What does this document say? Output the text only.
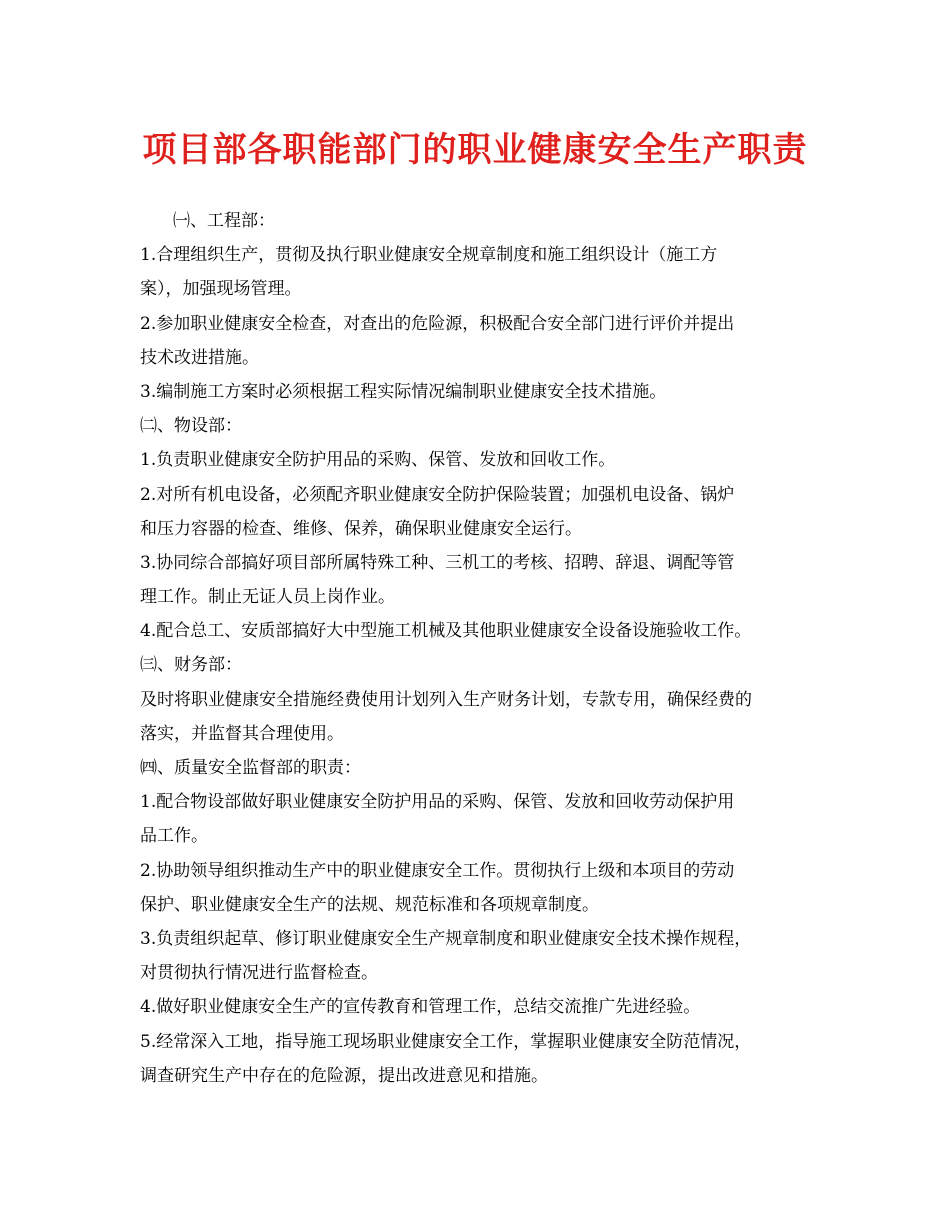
项目部各职能部门的职业健康安全生产职责

㈠、工程部：

1.合理组织生产，贯彻及执行职业健康安全规章制度和施工组织设计（施工方

案），加强现场管理。

2.参加职业健康安全检查，对查出的危险源，积极配合安全部门进行评价并提出

技术改进措施。

3.编制施工方案时必须根据工程实际情况编制职业健康安全技术措施。

㈡、物设部：

1.负责职业健康安全防护用品的采购、保管、发放和回收工作。

2.对所有机电设备，必须配齐职业健康安全防护保险装置；加强机电设备、锅炉

和压力容器的检查、维修、保养，确保职业健康安全运行。

3.协同综合部搞好项目部所属特殊工种、三机工的考核、招聘、辞退、调配等管

理工作。制止无证人员上岗作业。

4.配合总工、安质部搞好大中型施工机械及其他职业健康安全设备设施验收工作。

㈢、财务部：

及时将职业健康安全措施经费使用计划列入生产财务计划，专款专用，确保经费的

落实，并监督其合理使用。

㈣、质量安全监督部的职责：

1.配合物设部做好职业健康安全防护用品的采购、保管、发放和回收劳动保护用

品工作。

2.协助领导组织推动生产中的职业健康安全工作。贯彻执行上级和本项目的劳动

保护、职业健康安全生产的法规、规范标准和各项规章制度。

3.负责组织起草、修订职业健康安全生产规章制度和职业健康安全技术操作规程，

对贯彻执行情况进行监督检查。

4.做好职业健康安全生产的宣传教育和管理工作，总结交流推广先进经验。

5.经常深入工地，指导施工现场职业健康安全工作，掌握职业健康安全防范情况，

调查研究生产中存在的危险源，提出改进意见和措施。
